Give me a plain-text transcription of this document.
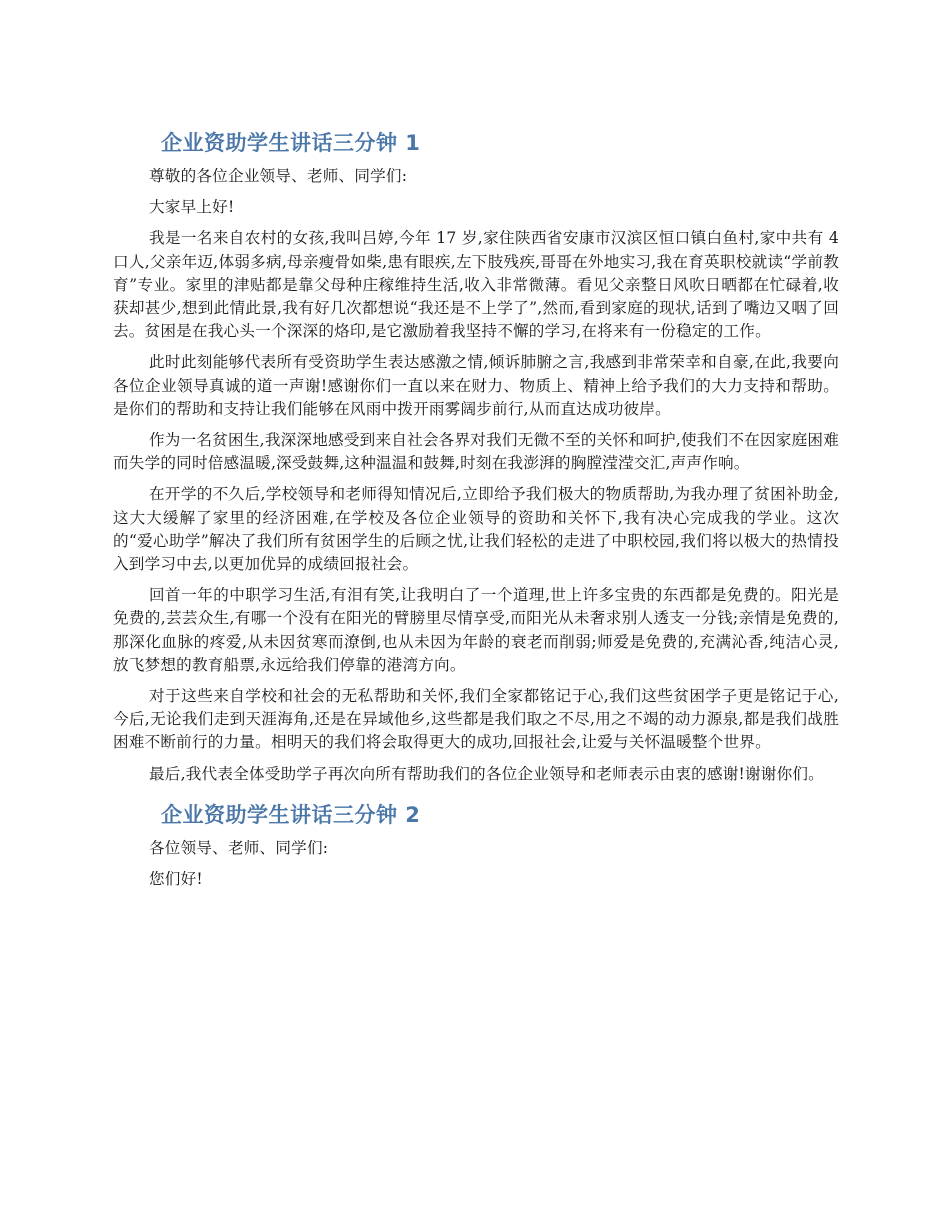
企业资助学生讲话三分钟 1

尊敬的各位企业领导、老师、同学们:

大家早上好!

我是一名来自农村的女孩,我叫吕婷,今年 17 岁,家住陕西省安康市汉滨区恒口镇白鱼村,家中共有 4 口人,父亲年迈,体弱多病,母亲瘦骨如柴,患有眼疾,左下肢残疾,哥哥在外地实习,我在育英职校就读“学前教育”专业。家里的津贴都是靠父母种庄稼维持生活,收入非常微薄。看见父亲整日风吹日晒都在忙碌着,收获却甚少,想到此情此景,我有好几次都想说“我还是不上学了”,然而,看到家庭的现状,话到了嘴边又咽了回去。贫困是在我心头一个深深的烙印,是它激励着我坚持不懈的学习,在将来有一份稳定的工作。

此时此刻能够代表所有受资助学生表达感激之情,倾诉肺腑之言,我感到非常荣幸和自豪,在此,我要向各位企业领导真诚的道一声谢!感谢你们一直以来在财力、物质上、精神上给予我们的大力支持和帮助。是你们的帮助和支持让我们能够在风雨中拨开雨雾阔步前行,从而直达成功彼岸。

作为一名贫困生,我深深地感受到来自社会各界对我们无微不至的关怀和呵护,使我们不在因家庭困难而失学的同时倍感温暖,深受鼓舞,这种温温和鼓舞,时刻在我澎湃的胸膛滢滢交汇,声声作响。

在开学的不久后,学校领导和老师得知情况后,立即给予我们极大的物质帮助,为我办理了贫困补助金,这大大缓解了家里的经济困难,在学校及各位企业领导的资助和关怀下,我有决心完成我的学业。这次的“爱心助学”解决了我们所有贫困学生的后顾之忧,让我们轻松的走进了中职校园,我们将以极大的热情投入到学习中去,以更加优异的成绩回报社会。

回首一年的中职学习生活,有泪有笑,让我明白了一个道理,世上许多宝贵的东西都是免费的。阳光是免费的,芸芸众生,有哪一个没有在阳光的臂膀里尽情享受,而阳光从未奢求别人透支一分钱;亲情是免费的,那深化血脉的疼爱,从未因贫寒而潦倒,也从未因为年龄的衰老而削弱;师爱是免费的,充满沁香,纯洁心灵,放飞梦想的教育船票,永远给我们停靠的港湾方向。

对于这些来自学校和社会的无私帮助和关怀,我们全家都铭记于心,我们这些贫困学子更是铭记于心,今后,无论我们走到天涯海角,还是在异域他乡,这些都是我们取之不尽,用之不竭的动力源泉,都是我们战胜困难不断前行的力量。相明天的我们将会取得更大的成功,回报社会,让爱与关怀温暖整个世界。

最后,我代表全体受助学子再次向所有帮助我们的各位企业领导和老师表示由衷的感谢!谢谢你们。

企业资助学生讲话三分钟 2

各位领导、老师、同学们:

您们好!
